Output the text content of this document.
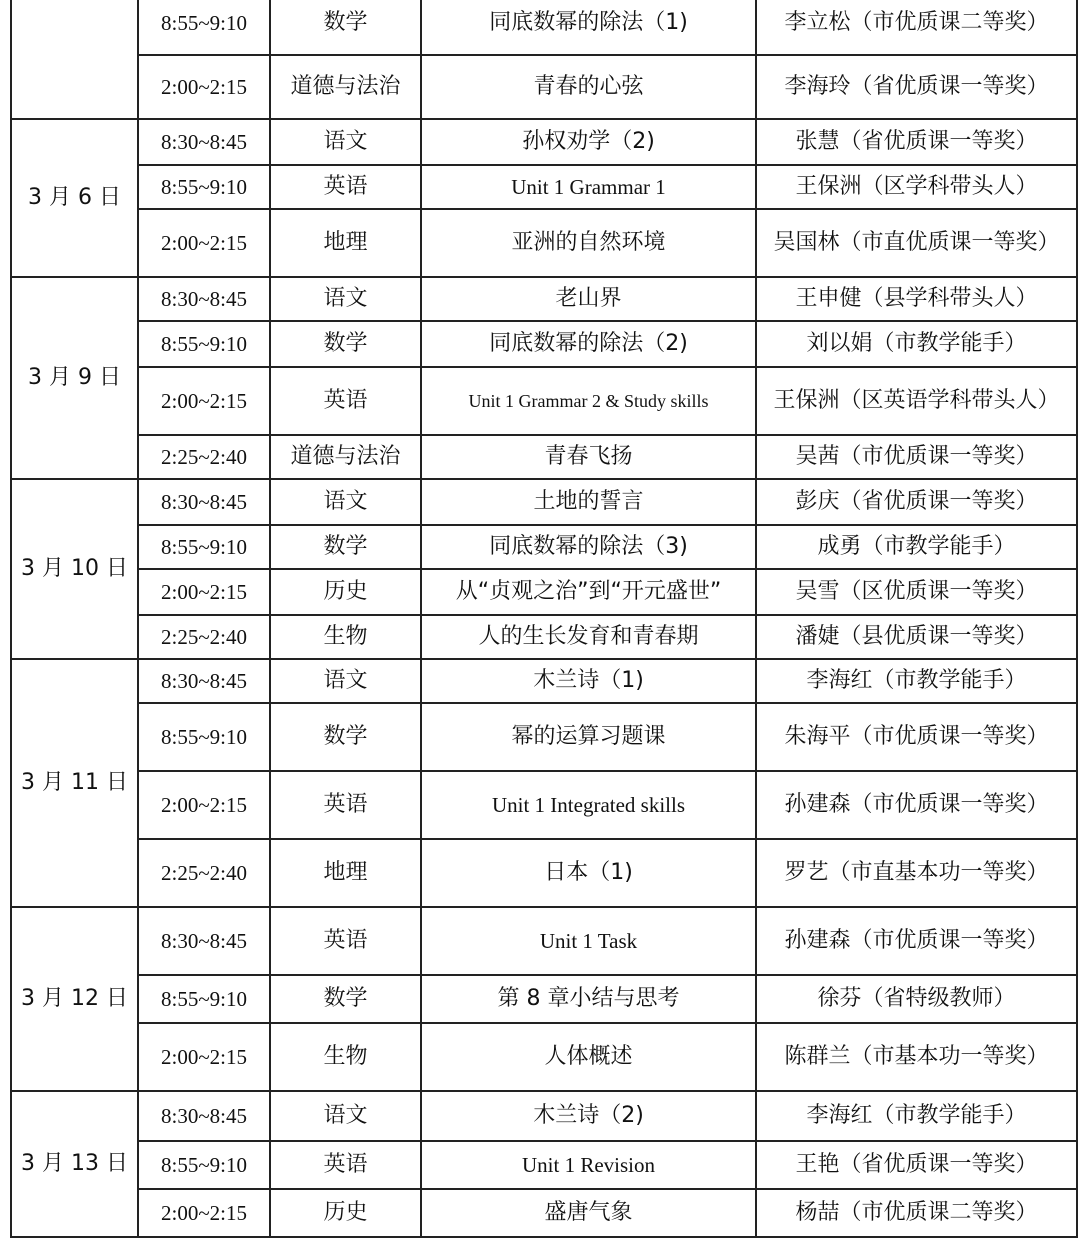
	8:55~9:10	数学	同底数幂的除法（1)	李立松（市优质课二等奖）
	2:00~2:15	道德与法治	青春的心弦	李海玲（省优质课一等奖）
3 月 6 日	8:30~8:45	语文	孙权劝学（2)	张慧（省优质课一等奖）
	8:55~9:10	英语	Unit 1 Grammar 1	王保洲（区学科带头人）
	2:00~2:15	地理	亚洲的自然环境	吴国林（市直优质课一等奖）
3 月 9 日	8:30~8:45	语文	老山界	王申健（县学科带头人）
	8:55~9:10	数学	同底数幂的除法（2)	刘以娟（市教学能手）
	2:00~2:15	英语	Unit 1 Grammar 2 & Study skills	王保洲（区英语学科带头人）
	2:25~2:40	道德与法治	青春飞扬	吴茜（市优质课一等奖）
3 月 10 日	8:30~8:45	语文	土地的誓言	彭庆（省优质课一等奖）
	8:55~9:10	数学	同底数幂的除法（3)	成勇（市教学能手）
	2:00~2:15	历史	从“贞观之治”到“开元盛世”	吴雪（区优质课一等奖）
	2:25~2:40	生物	人的生长发育和青春期	潘婕（县优质课一等奖）
3 月 11 日	8:30~8:45	语文	木兰诗（1)	李海红（市教学能手）
	8:55~9:10	数学	幂的运算习题课	朱海平（市优质课一等奖）
	2:00~2:15	英语	Unit 1 Integrated skills	孙建森（市优质课一等奖）
	2:25~2:40	地理	日本（1)	罗艺（市直基本功一等奖）
3 月 12 日	8:30~8:45	英语	Unit 1 Task	孙建森（市优质课一等奖）
	8:55~9:10	数学	第 8 章小结与思考	徐芬（省特级教师）
	2:00~2:15	生物	人体概述	陈群兰（市基本功一等奖）
3 月 13 日	8:30~8:45	语文	木兰诗（2)	李海红（市教学能手）
	8:55~9:10	英语	Unit 1 Revision	王艳（省优质课一等奖）
	2:00~2:15	历史	盛唐气象	杨喆（市优质课二等奖）
